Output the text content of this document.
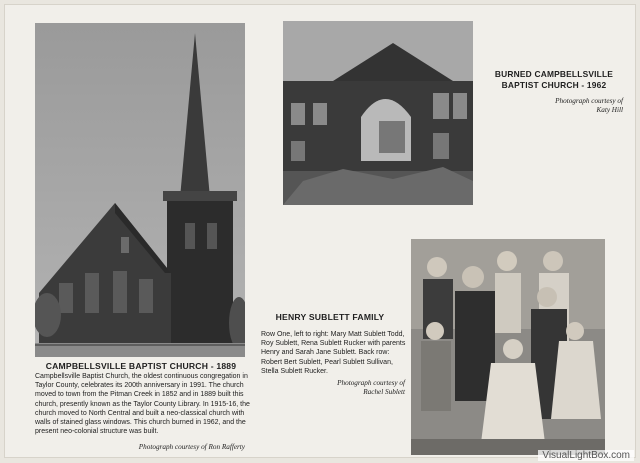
CAMPBELLSVILLE BAPTIST CHURCH - 1889
Campbellsville Baptist Church, the oldest continuous congregation in Taylor County, celebrates its 200th anniversary in 1991. The church moved to town from the Pitman Creek in 1852 and in 1889 built this church, presently known as the Taylor County Library. In 1915-16, the church moved to North Central and built a neo-classical church with walls of stained glass windows. This church burned in 1962, and the present neo-colonial structure was built.
Photograph courtesy of Ron Rafferty
BURNED CAMPBELLSVILLE
BAPTIST CHURCH - 1962
Photograph courtesy of
Katy Hill
HENRY SUBLETT FAMILY
Row One, left to right: Mary Matt Sublett Todd, Roy Sublett, Rena Sublett Rucker with parents Henry and Sarah Jane Sublett. Back row: Robert Bert Sublett, Pearl Sublett Sullivan, Stella Sublett Rucker.
Photograph courtesy of
Rachel Sublett
VisualLightBox.com
